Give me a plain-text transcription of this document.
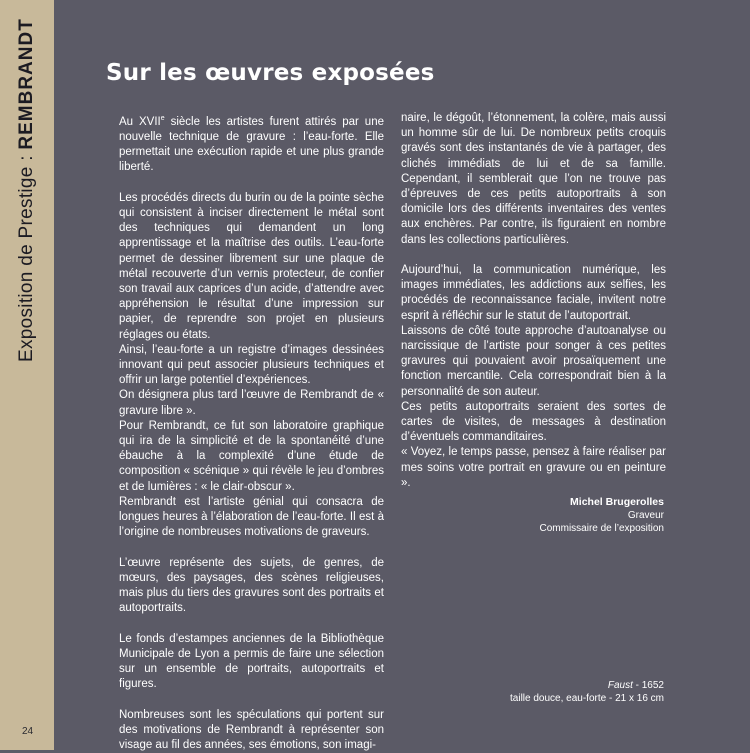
Exposition de Prestige : REMBRANDT
24
Sur les œuvres exposées

Au XVIIe siècle les artistes furent attirés par une nouvelle technique de gravure : l’eau-forte. Elle permettait une exécution rapide et une plus grande liberté.

Les procédés directs du burin ou de la pointe sèche qui consistent à inciser directement le métal sont des techniques qui demandent un long apprentissage et la maîtrise des outils. L’eau-forte permet de dessiner librement sur une plaque de métal recouverte d’un vernis protecteur, de confier son travail aux caprices d’un acide, d’attendre avec appréhension le résultat d’une impression sur papier, de reprendre son projet en plusieurs réglages ou états.

Ainsi, l’eau-forte a un registre d’images dessinées innovant qui peut associer plusieurs techniques et offrir un large potentiel d’expériences.

On désignera plus tard l’œuvre de Rembrandt de « gravure libre ».

Pour Rembrandt, ce fut son laboratoire graphique qui ira de la simplicité et de la spontanéité d’une ébauche à la complexité d’une étude de composition « scénique » qui révèle le jeu d’ombres et de lumières : « le clair-obscur ».

Rembrandt est l’artiste génial qui consacra de longues heures à l’élaboration de l’eau-forte. Il est à l’origine de nombreuses motivations de graveurs.

L’œuvre représente des sujets, de genres, de mœurs, des paysages, des scènes religieuses, mais plus du tiers des gravures sont des portraits et autoportraits.

Le fonds d’estampes anciennes de la Bibliothèque Municipale de Lyon a permis de faire une sélection sur un ensemble de portraits, autoportraits et figures.

Nombreuses sont les spéculations qui portent sur des motivations de Rembrandt à représenter son visage au fil des années, ses émotions, son imagi-

naire, le dégoût, l’étonnement, la colère, mais aussi un homme sûr de lui. De nombreux petits croquis gravés sont des instantanés de vie à partager, des clichés immédiats de lui et de sa famille. Cependant, il semblerait que l’on ne trouve pas d’épreuves de ces petits autoportraits à son domicile lors des différents inventaires des ventes aux enchères. Par contre, ils figuraient en nombre dans les collections particulières.

Aujourd’hui, la communication numérique, les images immédiates, les addictions aux selfies, les procédés de reconnaissance faciale, invitent notre esprit à réfléchir sur le statut de l’autoportrait.

Laissons de côté toute approche d’autoanalyse ou narcissique de l’artiste pour songer à ces petites gravures qui pouvaient avoir prosaïquement une fonction mercantile. Cela correspondrait bien à la personnalité de son auteur.

Ces petits autoportraits seraient des sortes de cartes de visites, de messages à destination d’éventuels commanditaires.

« Voyez, le temps passe, pensez à faire réaliser par mes soins votre portrait en gravure ou en peinture ».

Michel Brugerolles
Graveur
Commissaire de l’exposition
Faust - 1652
taille douce, eau-forte - 21 x 16 cm
